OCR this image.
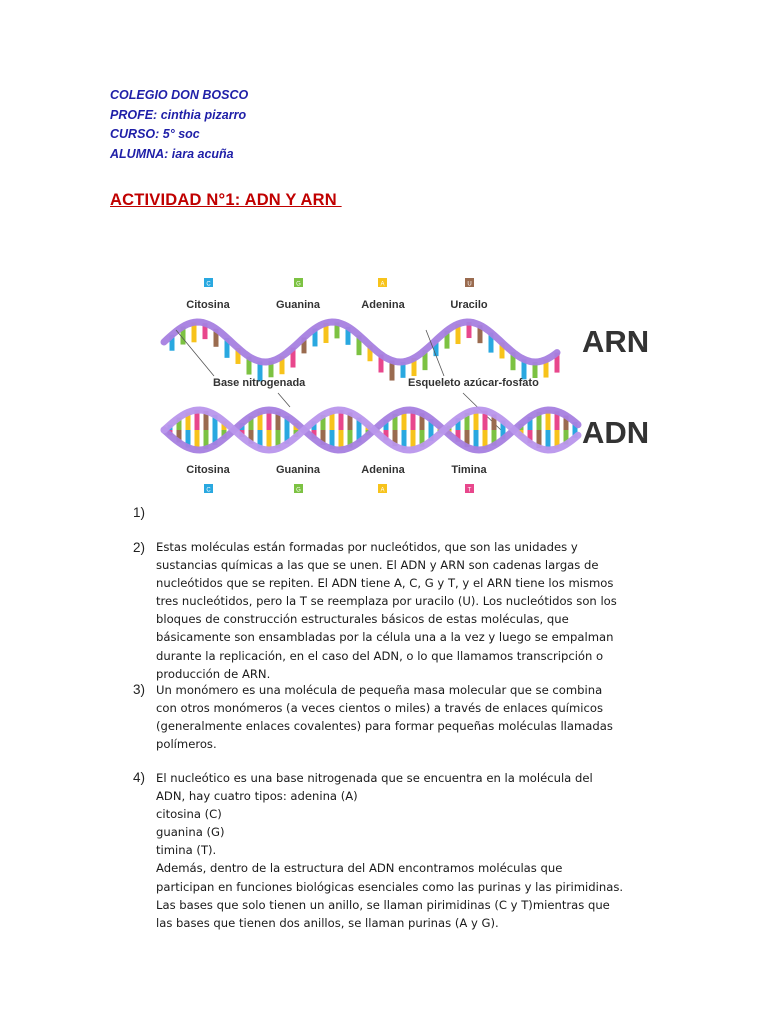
COLEGIO DON BOSCO
PROFE: cinthia pizarro
CURSO: 5° soc
ALUMNA: iara acuña
ACTIVIDAD N°1: ADN Y ARN
C	G	A	U
Citosina	Guanina	Adenina	Uracilo
ARN
Base nitrogenada	Esqueleto azúcar-fosfato
ADN
Citosina	Guanina	Adenina	Timina
C	G	A	T
1)
2) Estas moléculas están formadas por nucleótidos, que son las unidades y
sustancias químicas a las que se unen. El ADN y ARN son cadenas largas de
nucleótidos que se repiten. El ADN tiene A, C, G y T, y el ARN tiene los mismos
tres nucleótidos, pero la T se reemplaza por uracilo (U). Los nucleótidos son los
bloques de construcción estructurales básicos de estas moléculas, que
básicamente son ensambladas por la célula una a la vez y luego se empalman
durante la replicación, en el caso del ADN, o lo que llamamos transcripción o
producción de ARN.
3) Un monómero es una molécula de pequeña masa molecular que se combina
con otros monómeros (a veces cientos o miles) a través de enlaces químicos
(generalmente enlaces covalentes) para formar pequeñas moléculas llamadas
polímeros.
4) El nucleótico es una base nitrogenada que se encuentra en la molécula del
ADN, hay cuatro tipos: adenina (A)
citosina (C)
guanina (G)
timina (T).
Además, dentro de la estructura del ADN encontramos moléculas que
participan en funciones biológicas esenciales como las purinas y las pirimidinas.
Las bases que solo tienen un anillo, se llaman pirimidinas (C y T)mientras que
las bases que tienen dos anillos, se llaman purinas (A y G).
